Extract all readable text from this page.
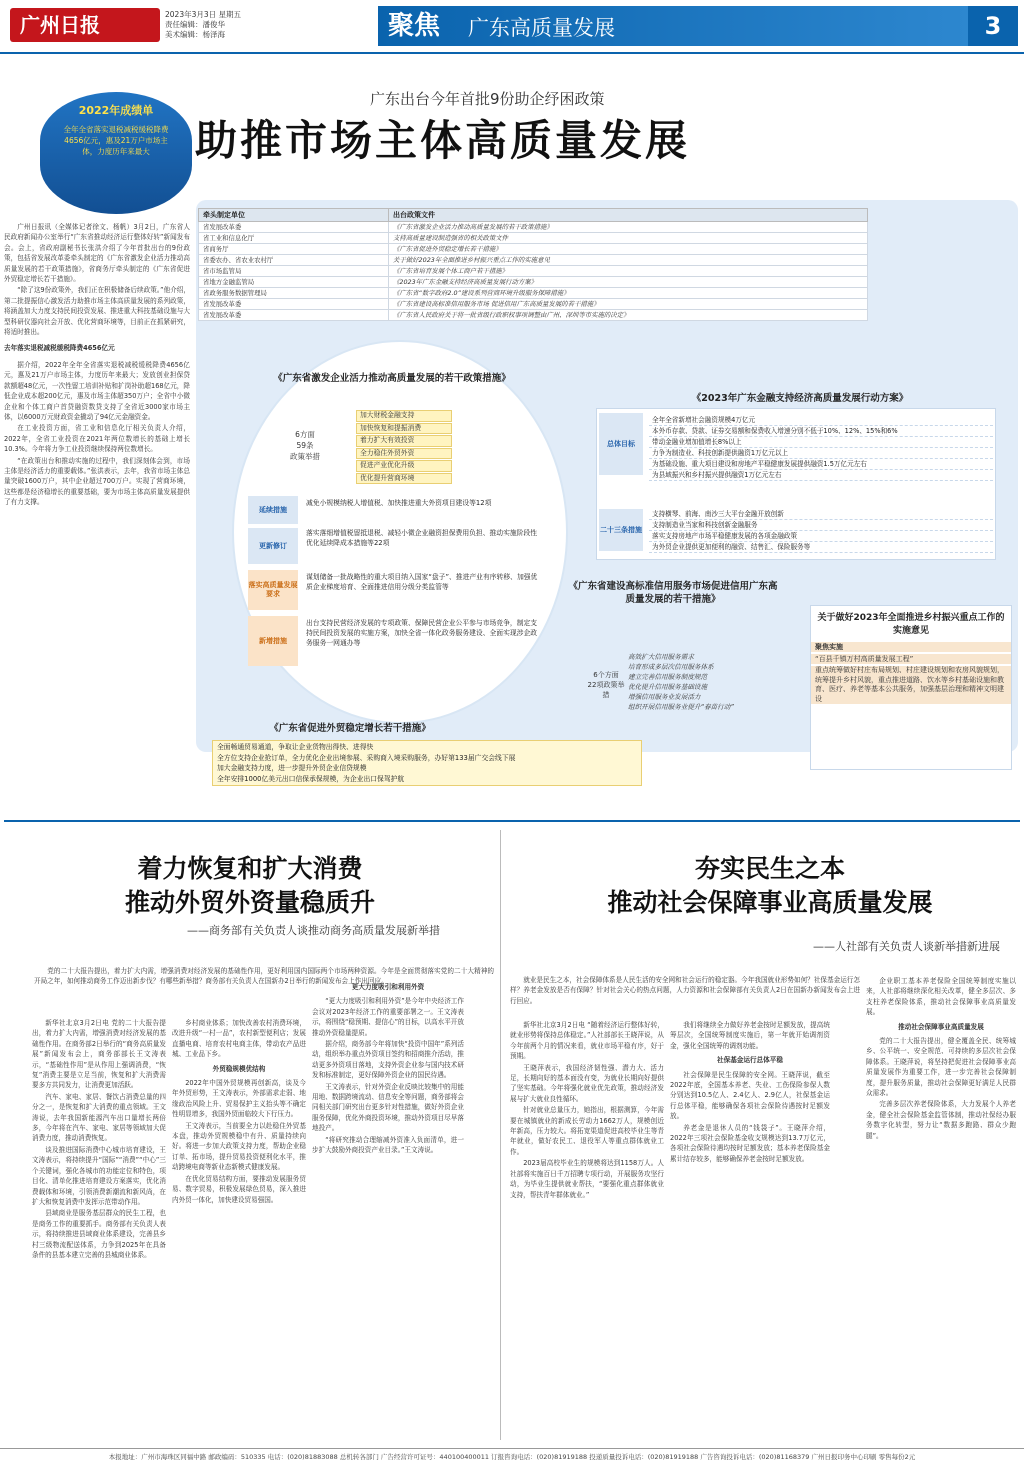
广州日报	2023年3月3日 星期五
责任编辑：潘俊华
美术编辑：杨泽海	聚焦 广东高质量发展	3
2022年成绩单
全年全省落实退税减税缓税降费4656亿元，惠及21万户市场主体，力度历年来最大
广东出台今年首批9份助企纾困政策
助推市场主体高质量发展

广州日报讯（全媒体记者徐文、杨帆）3月2日，广东省人民政府新闻办公室举行“广东省推动经济运行整体好转”新闻发布会。会上，省政府副秘书长张洪介绍了今年首批出台的9份政策，包括省发展改革委牵头制定的《广东省激发企业活力推动高质量发展的若干政策措施》，省商务厅牵头制定的《广东省促进外贸稳定增长若干措施》。

“除了这9份政策外，我们正在积极储备后续政策。”他介绍，第二批提振信心激发活力助推市场主体高质量发展的系列政策，将涵盖加大力度支持民间投资发展、推进重大科技基础设施与大型科研仪器向社会开放、优化营商环境等，目前正在抓紧研究，将适时推出。

去年落实退税减税缓税降费4656亿元

据介绍，2022年全年全省落实退税减税缓税降费4656亿元，惠及21万户市场主体，力度历年来最大；发放创业担保贷款额超48亿元，一次性留工培训补贴和扩岗补助超168亿元，降低企业成本超200亿元，惠及市场主体超350万户；全省中小微企业和个体工商户首贷融资数贷支持了全省近3000家市场主体，以6000万元财政资金撬动了94亿元金融资金。

在工业投资方面，省工业和信息化厅相关负责人介绍，2022年，全省工业投资在2021年两位数增长的基础上增长10.3%。今年将力争工业投资继续保持两位数增长。

“在政策出台和推动实施的过程中，我们深刻体会到，市场主体是经济活力的重要载体。”张洪表示，去年，我省市场主体总量突破1600万户，其中企业超过700万户。实现了营商环境，这些都是经济稳增长的重要基础，要为市场主体高质量发展提供了有力支撑。

牵头制定单位	出台政策文件
省发展改革委	《广东省激发企业活力推动高质量发展的若干政策措施》
省工业和信息化厅	支持高质量建设制造强省的相关政策文件
省商务厅	《广东省促进外贸稳定增长若干措施》
省委农办、省农业农村厅	关于做好2023年全面推进乡村振兴重点工作的实施意见
省市场监管局	《广东省培育发展个体工商户若干措施》
省地方金融监管局	《2023年广东金融支持经济高质量发展行动方案》
省政务服务数据管理局	《广东省“数字政府2.0”建设系列营商环境升级服务保障措施》
省发展改革委	《广东省建设高标准信用服务市场 促进信用广东高质量发展的若干措施》
省发展改革委	《广东省人民政府关于将一批省级行政职权事项调整由广州、深圳等市实施的决定》
《广东省激发企业活力推动高质量发展的若干政策措施》
6方面
59条
政策举措
加大财税金融支持
加快恢复和提振消费
着力扩大有效投资
全力稳住外贸外资
促进产业优化升级
优化提升营商环境
延续措施
减免小规模纳税人增值税、加快推进重大外资项目建设等12项
更新修订
落实落细增值税留抵退税、减轻小微企业融资担保费用负担、推动实施阶段性优化延续降成本措施等22项
落实高质量发展要求
谋划储备一批战略性的重大项目纳入国家“盘子”、推进产业有序转移、加强优质企业梯度培育、全面推进信用分级分类监管等
新增措施
出台支持民营经济发展的专项政策、保障民营企业公平参与市场竞争，制定支持民间投资发展的实施方案，加快全省一体化政务服务建设、全面实现涉企政务服务一网通办等
《2023年广东金融支持经济高质量发展行动方案》
总体目标
全年全省新增社会融资规模4万亿元
本外币存款、贷款、证券交易额和保费收入增速分别不低于10%、12%、15%和6%
带动金融业增加值增长8%以上
力争为制造业、科技创新提供融资1万亿元以上
为基础设施、重大项目建设和房地产平稳健康发展提供融资1.5万亿元左右
为县域振兴和乡村振兴提供融资1万亿元左右
二十三条措施
支持横琴、前海、南沙三大平台金融开放创新
支持制造业当家和科技创新金融服务
落实支持房地产市场平稳健康发展的各项金融政策
为外贸企业提供更加便利的融资、结售汇、保险服务等
《广东省建设高标准信用服务市场促进信用广东高质量发展的若干措施》
6个方面
22项政策举措
高效扩大信用服务需求
培育形成多层次信用服务体系
建立完善信用服务制度规范
优化提升信用服务基础设施
增强信用服务业发展活力
组织开展信用服务业提升“春苗行动”
关于做好2023年全面推进乡村振兴重点工作的实施意见
聚焦实施
“百县千镇万村高质量发展工程”
重点统筹做好村庄布局规划、村庄建设规划和农房风貌规划，统筹提升乡村风貌，重点推进道路、饮水等乡村基础设施和教育、医疗、养老等基本公共服务，加强基层治理和精神文明建设
《广东省促进外贸稳定增长若干措施》
全面畅通贸易通道，争取让企业货物出得快、进得快
全方位支持企业抢订单，全力优化企业出境参展、采购商入境采购服务，办好第133届广交会线下展
加大金融支持力度，进一步提升外贸企业信贷规模
全年安排1000亿美元出口信保承保规模，为企业出口保驾护航
着力恢复和扩大消费
推动外贸外资量稳质升
——商务部有关负责人谈推动商务高质量发展新举措

党的二十大报告提出，着力扩大内需，增强消费对经济发展的基础性作用，更好利用国内国际两个市场两种资源。今年是全面贯彻落实党的二十大精神的开局之年，如何推动商务工作迈出新步伐？有哪些新举措？商务部有关负责人在国新办2日举行的新闻发布会上作出回应。

新华社北京3月2日电 党的二十大报告提出，着力扩大内需，增强消费对经济发展的基础性作用。在商务部2日举行的“商务高质量发展”新闻发布会上，商务部部长王文涛表示，“基础性作用”是从作用上强调消费，“恢复”消费主要是立足当前，恢复和扩大消费需要多方共同发力，让消费更加活跃。

汽车、家电、家居、餐饮占消费总量的四分之一，是恢复和扩大消费的重点领域。王文涛说，去年我国新能源汽车出口量增长两倍多，今年将在汽车、家电、家居等领域加大促消费力度，推动消费恢复。

谈及推进国际消费中心城市培育建设，王文涛表示，将持续提升“国际”“消费”“中心”三个关键词，强化各城市的功能定位和特色，项目化、清单化推进培育建设方案落实，优化消费载体和环境，引领消费新潮流和新风尚，在扩大和恢复消费中发挥示范带动作用。

县域商业是服务基层群众的民生工程，也是商务工作的重要抓手。商务部有关负责人表示，将持续推进县域商业体系建设，完善县乡村三级物流配送体系，力争到2025年在具备条件的县基本建立完善的县城商业体系。

乡村商业体系；加快改善农村消费环境，改进升级“一村一品”，农村新型便利店；发展直播电商、培育农村电商主体，带动农产品进城、工业品下乡。

外贸稳规模优结构

2022年中国外贸规模再创新高，谈及今年外贸形势，王文涛表示，外部需求走弱、地缘政治风险上升、贸易保护主义抬头等不确定性明显增多，我国外贸面临较大下行压力。

王文涛表示，当前要全力以赴稳住外贸基本盘，推动外贸规模稳中有升、质量持续向好。将进一步加大政策支持力度，帮助企业稳订单、拓市场，提升贸易投资便利化水平，推动跨境电商等新业态新模式健康发展。

在优化贸易结构方面，要推动发展服务贸易、数字贸易，积极发展绿色贸易，深入推进内外贸一体化，加快建设贸易强国。

更大力度吸引和利用外资

“更大力度吸引和利用外资”是今年中央经济工作会议对2023年经济工作的重要部署之一。王文涛表示，将围绕“稳预期、提信心”的目标，以高水平开放推动外资稳量提质。

据介绍，商务部今年将加快“投资中国年”系列活动，组织举办重点外资项目签约和招商推介活动，推动更多外资项目落地，支持外资企业参与国内技术研发和标准制定，更好保障外资企业的国民待遇。

王文涛表示，针对外资企业反映比较集中的用能用地、数据跨境流动、信息安全等问题，商务部将会同相关部门研究出台更多针对性措施，做好外资企业服务保障，优化外商投资环境，推动外资项目尽早落地投产。

“将研究推动合理缩减外资准入负面清单，进一步扩大鼓励外商投资产业目录。”王文涛说。

夯实民生之本
推动社会保障事业高质量发展
——人社部有关负责人谈新举措新进展

就业是民生之本，社会保障体系是人民生活的安全网和社会运行的稳定器。今年我国就业形势如何？社保基金运行怎样？养老金发放是否有保障？针对社会关心的热点问题，人力资源和社会保障部有关负责人2日在国新办新闻发布会上进行回应。

新华社北京3月2日电 “随着经济运行整体好转，就业形势将保持总体稳定。”人社部部长王晓萍说，从今年前两个月的情况来看，就业市场平稳有序，好于预期。

王晓萍表示，我国经济韧性强、潜力大、活力足，长期向好的基本面没有变，为就业长期向好提供了坚实基础。今年将强化就业优先政策，推动经济发展与扩大就业良性循环。

针对就业总量压力，她指出，根据测算，今年需要在城镇就业的新成长劳动力1662万人，规模创近年新高，压力较大。将拓宽渠道促进高校毕业生等青年就业，做好农民工、退役军人等重点群体就业工作。

2023届高校毕业生的规模将达到1158万人。人社部将实施百日千万招聘专项行动，开展服务攻坚行动，为毕业生提供就业帮扶，“要强化重点群体就业支持，帮扶青年群体就业。”

我们将继续全力做好养老金按时足额发放，提高统筹层次，全国统筹制度实施后，第一年就开始调剂资金，强化全国统筹的调剂功能。

社保基金运行总体平稳

社会保障是民生保障的安全网。王晓萍说，截至2022年底，全国基本养老、失业、工伤保险参保人数分别达到10.5亿人、2.4亿人、2.9亿人，社保基金运行总体平稳，能够确保各项社会保险待遇按时足额发放。

养老金是退休人员的“钱袋子”。王晓萍介绍，2022年三项社会保险基金收支规模达到13.7万亿元，各项社会保险待遇均按时足额发放；基本养老保险基金累计结存较多，能够确保养老金按时足额发放。

企业职工基本养老保险全国统筹制度实施以来，人社部将继续深化相关改革，健全多层次、多支柱养老保险体系，推动社会保障事业高质量发展。

推动社会保障事业高质量发展

党的二十大报告提出，健全覆盖全民、统筹城乡、公平统一、安全规范、可持续的多层次社会保障体系。王晓萍说，将坚持把促进社会保障事业高质量发展作为重要工作，进一步完善社会保障制度，提升服务质量，推动社会保障更好满足人民群众需求。

完善多层次养老保险体系，大力发展个人养老金，健全社会保险基金监管体制，推动社保经办服务数字化转型，努力让“数据多跑路、群众少跑腿”。

本报地址：广州市海珠区同福中路 邮政编码：510335 电话：(020)81883088 总机转各部门 广告经营许可证号：440100400011 订报咨询电话：(020)81919188 投递质量投诉电话：(020)81919188 广告咨询投诉电话：(020)81168379 广州日报印务中心印刷 零售每份2元
